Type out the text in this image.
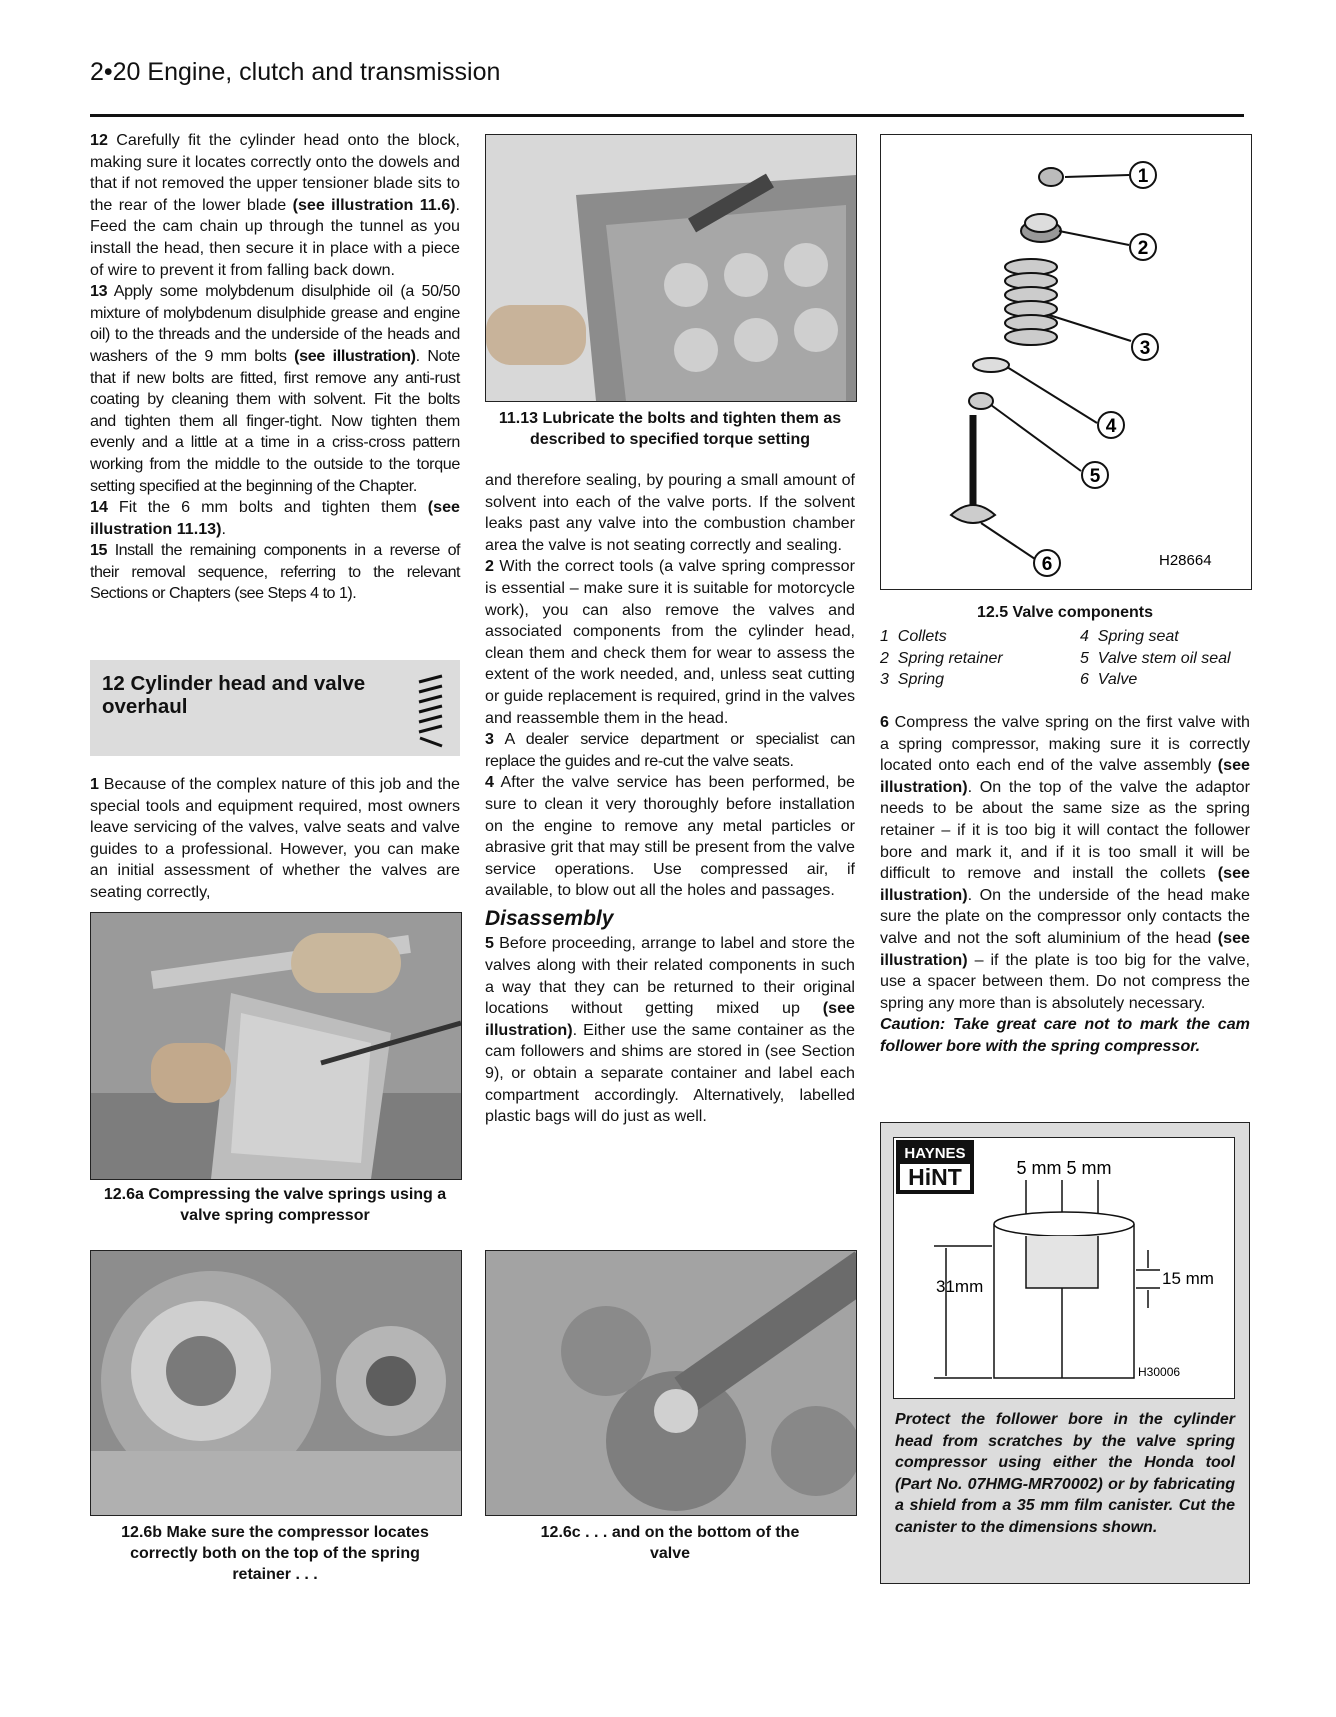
2•20 Engine, clutch and transmission

12 Carefully fit the cylinder head onto the block, making sure it locates correctly onto the dowels and that if not removed the upper tensioner blade sits to the rear of the lower blade (see illustration 11.6). Feed the cam chain up through the tunnel as you install the head, then secure it in place with a piece of wire to prevent it from falling back down.

13 Apply some molybdenum disulphide oil (a 50/50 mixture of molybdenum disulphide grease and engine oil) to the threads and the underside of the heads and washers of the 9 mm bolts (see illustration). Note that if new bolts are fitted, first remove any anti-rust coating by cleaning them with solvent. Fit the bolts and tighten them all finger-tight. Now tighten them evenly and a little at a time in a criss-cross pattern working from the middle to the outside to the torque setting specified at the beginning of the Chapter.

14 Fit the 6 mm bolts and tighten them (see illustration 11.13).

15 Install the remaining components in a reverse of their removal sequence, referring to the relevant Sections or Chapters (see Steps 4 to 1).

12 Cylinder head and valve overhaul

1 Because of the complex nature of this job and the special tools and equipment required, most owners leave servicing of the valves, valve seats and valve guides to a professional. However, you can make an initial assessment of whether the valves are seating correctly,

12.6a Compressing the valve springs using a valve spring compressor
12.6b Make sure the compressor locates correctly both on the top of the spring retainer . . .
11.13 Lubricate the bolts and tighten them as described to specified torque setting

and therefore sealing, by pouring a small amount of solvent into each of the valve ports. If the solvent leaks past any valve into the combustion chamber area the valve is not seating correctly and sealing.

2 With the correct tools (a valve spring compressor is essential – make sure it is suitable for motorcycle work), you can also remove the valves and associated components from the cylinder head, clean them and check them for wear to assess the extent of the work needed, and, unless seat cutting or guide replacement is required, grind in the valves and reassemble them in the head.

3 A dealer service department or specialist can replace the guides and re-cut the valve seats.

4 After the valve service has been performed, be sure to clean it very thoroughly before installation on the engine to remove any metal particles or abrasive grit that may still be present from the valve service operations. Use compressed air, if available, to blow out all the holes and passages.

Disassembly

5 Before proceeding, arrange to label and store the valves along with their related components in such a way that they can be returned to their original locations without getting mixed up (see illustration). Either use the same container as the cam followers and shims are stored in (see Section 9), or obtain a separate container and label each compartment accordingly. Alternatively, labelled plastic bags will do just as well.

12.6c . . . and on the bottom of the valve
1
2
3
4
5
6	H28664
12.5 Valve components
1 Collets	4 Spring seat
2 Spring retainer	5 Valve stem oil seal
3 Spring	6 Valve

6 Compress the valve spring on the first valve with a spring compressor, making sure it is correctly located onto each end of the valve assembly (see illustration). On the top of the valve the adaptor needs to be about the same size as the spring retainer – if it is too big it will contact the follower bore and mark it, and if it is too small it will be difficult to remove and install the collets (see illustration). On the underside of the head make sure the plate on the compressor only contacts the valve and not the soft aluminium of the head (see illustration) – if the plate is too big for the valve, use a spacer between them. Do not compress the spring any more than is absolutely necessary.

Caution: Take great care not to mark the cam follower bore with the spring compressor.

HAYNES
HiNT	5 mm 5 mm
31mm	15 mm
H30006
Protect the follower bore in the cylinder head from scratches by the valve spring compressor using either the Honda tool (Part No. 07HMG-MR70002) or by fabricating a shield from a 35 mm film canister. Cut the canister to the dimensions shown.
